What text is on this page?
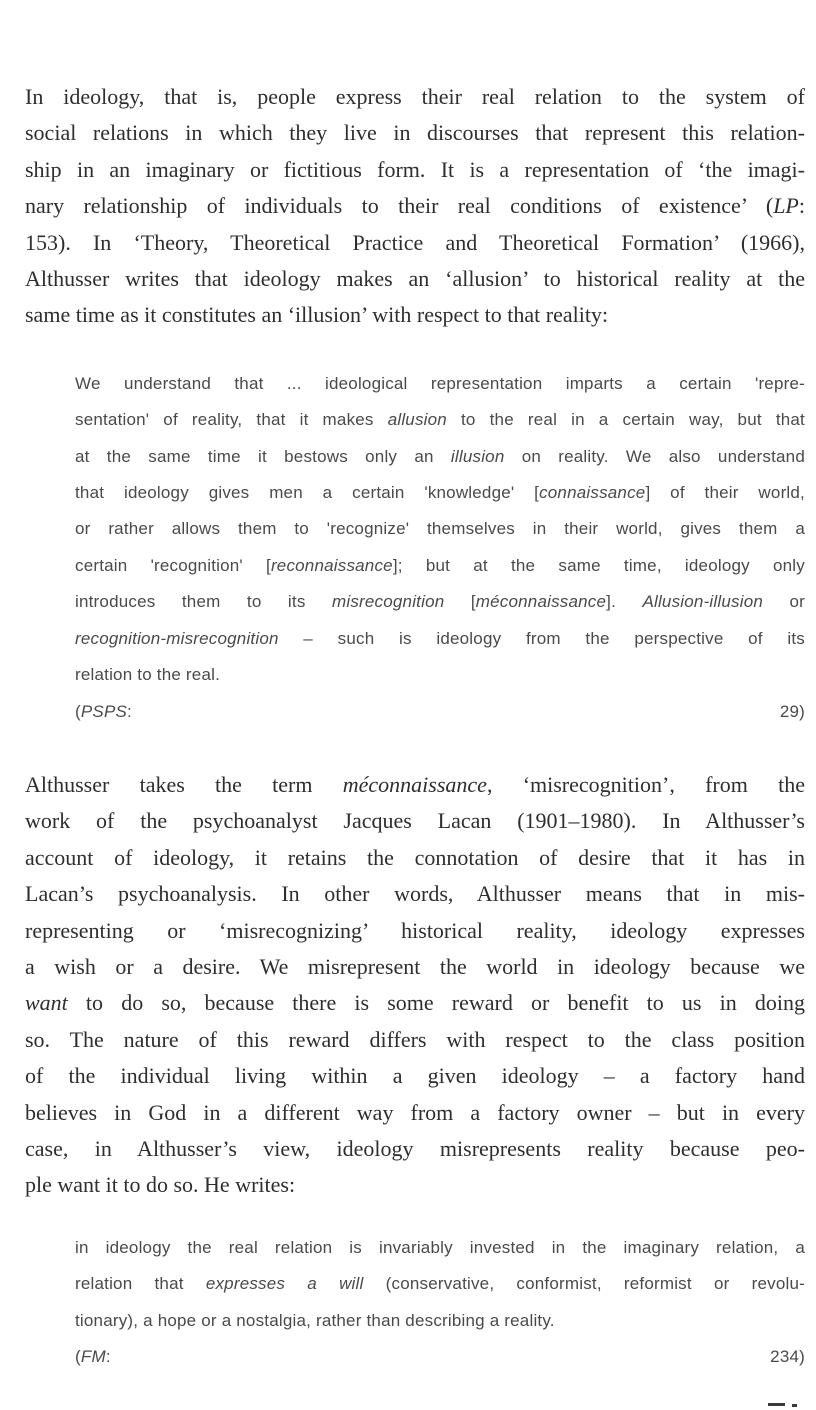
In ideology, that is, people express their real relation to the system of
social relations in which they live in discourses that represent this relation-
ship in an imaginary or fictitious form. It is a representation of ‘the imagi-
nary relationship of individuals to their real conditions of existence’ (LP:
153). In ‘Theory, Theoretical Practice and Theoretical Formation’ (1966),
Althusser writes that ideology makes an ‘allusion’ to historical reality at the
same time as it constitutes an ‘illusion’ with respect to that reality:

We understand that ... ideological representation imparts a certain 'repre-
sentation' of reality, that it makes allusion to the real in a certain way, but that
at the same time it bestows only an illusion on reality. We also understand
that ideology gives men a certain 'knowledge' [connaissance] of their world,
or rather allows them to 'recognize' themselves in their world, gives them a
certain 'recognition' [reconnaissance]; but at the same time, ideology only
introduces them to its misrecognition [méconnaissance]. Allusion-illusion or
recognition-misrecognition – such is ideology from the perspective of its
relation to the real.
(PSPS: 29)

Althusser takes the term méconnaissance, ‘misrecognition’, from the
work of the psychoanalyst Jacques Lacan (1901–1980). In Althusser’s
account of ideology, it retains the connotation of desire that it has in
Lacan’s psychoanalysis. In other words, Althusser means that in mis-
representing or ‘misrecognizing’ historical reality, ideology expresses
a wish or a desire. We misrepresent the world in ideology because we
want to do so, because there is some reward or benefit to us in doing
so. The nature of this reward differs with respect to the class position
of the individual living within a given ideology – a factory hand
believes in God in a different way from a factory owner – but in every
case, in Althusser’s view, ideology misrepresents reality because peo-
ple want it to do so. He writes:

in ideology the real relation is invariably invested in the imaginary relation, a
relation that expresses a will (conservative, conformist, reformist or revolu-
tionary), a hope or a nostalgia, rather than describing a reality.
(FM: 234)
